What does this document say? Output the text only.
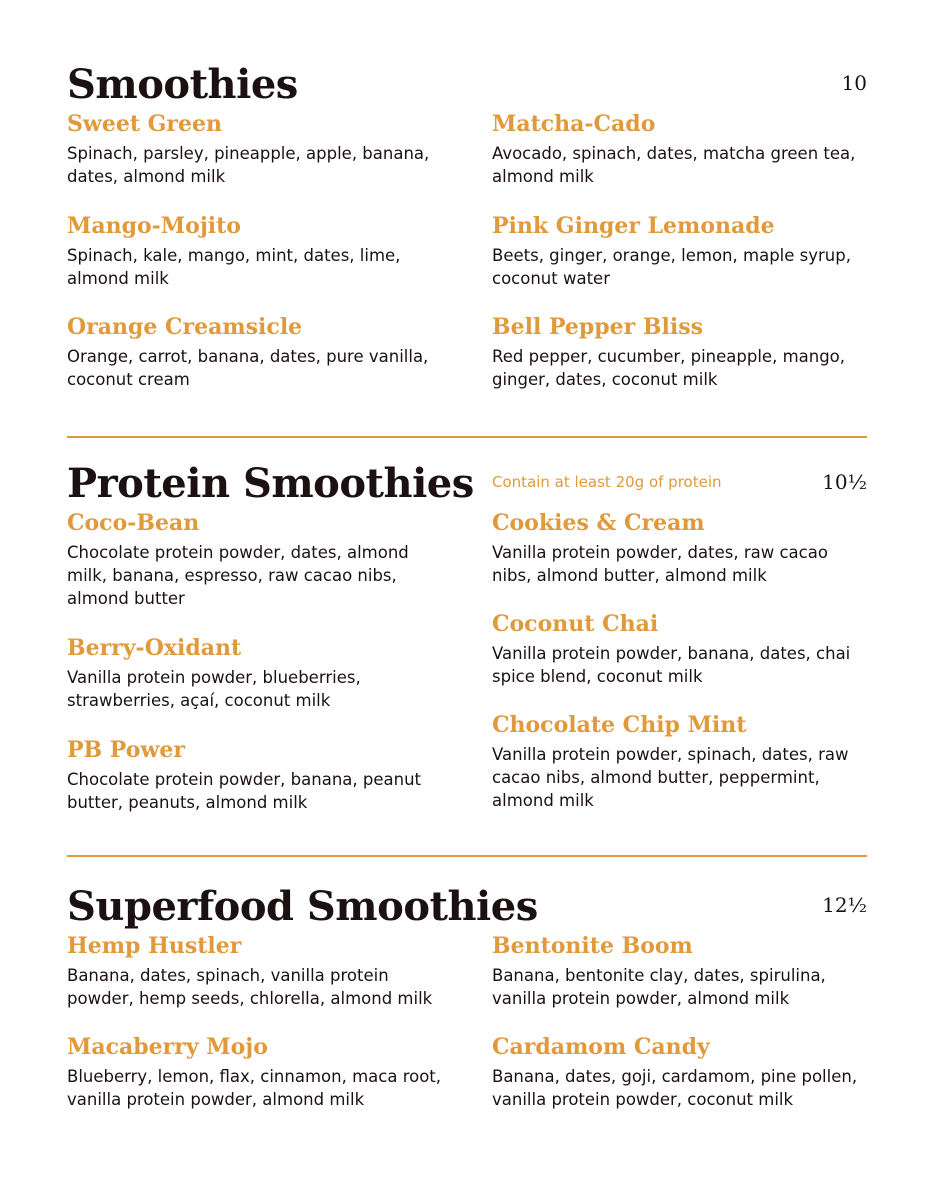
Smoothies	10
Sweet Green
Spinach, parsley, pineapple, apple, banana, dates, almond milk
Mango-Mojito
Spinach, kale, mango, mint, dates, lime, almond milk
Orange Creamsicle
Orange, carrot, banana, dates, pure vanilla, coconut cream
Matcha-Cado
Avocado, spinach, dates, matcha green tea, almond milk
Pink Ginger Lemonade
Beets, ginger, orange, lemon, maple syrup, coconut water
Bell Pepper Bliss
Red pepper, cucumber, pineapple, mango, ginger, dates, coconut milk
Protein Smoothies Contain at least 20g of protein	10½
Coco-Bean
Chocolate protein powder, dates, almond milk, banana, espresso, raw cacao nibs, almond butter
Berry-Oxidant
Vanilla protein powder, blueberries, strawberries, açaí, coconut milk
PB Power
Chocolate protein powder, banana, peanut butter, peanuts, almond milk
Cookies & Cream
Vanilla protein powder, dates, raw cacao nibs, almond butter, almond milk
Coconut Chai
Vanilla protein powder, banana, dates, chai spice blend, coconut milk
Chocolate Chip Mint
Vanilla protein powder, spinach, dates, raw cacao nibs, almond butter, peppermint, almond milk
Superfood Smoothies	12½
Hemp Hustler
Banana, dates, spinach, vanilla protein powder, hemp seeds, chlorella, almond milk
Macaberry Mojo
Blueberry, lemon, flax, cinnamon, maca root, vanilla protein powder, almond milk
Bentonite Boom
Banana, bentonite clay, dates, spirulina, vanilla protein powder, almond milk
Cardamom Candy
Banana, dates, goji, cardamom, pine pollen, vanilla protein powder, coconut milk
